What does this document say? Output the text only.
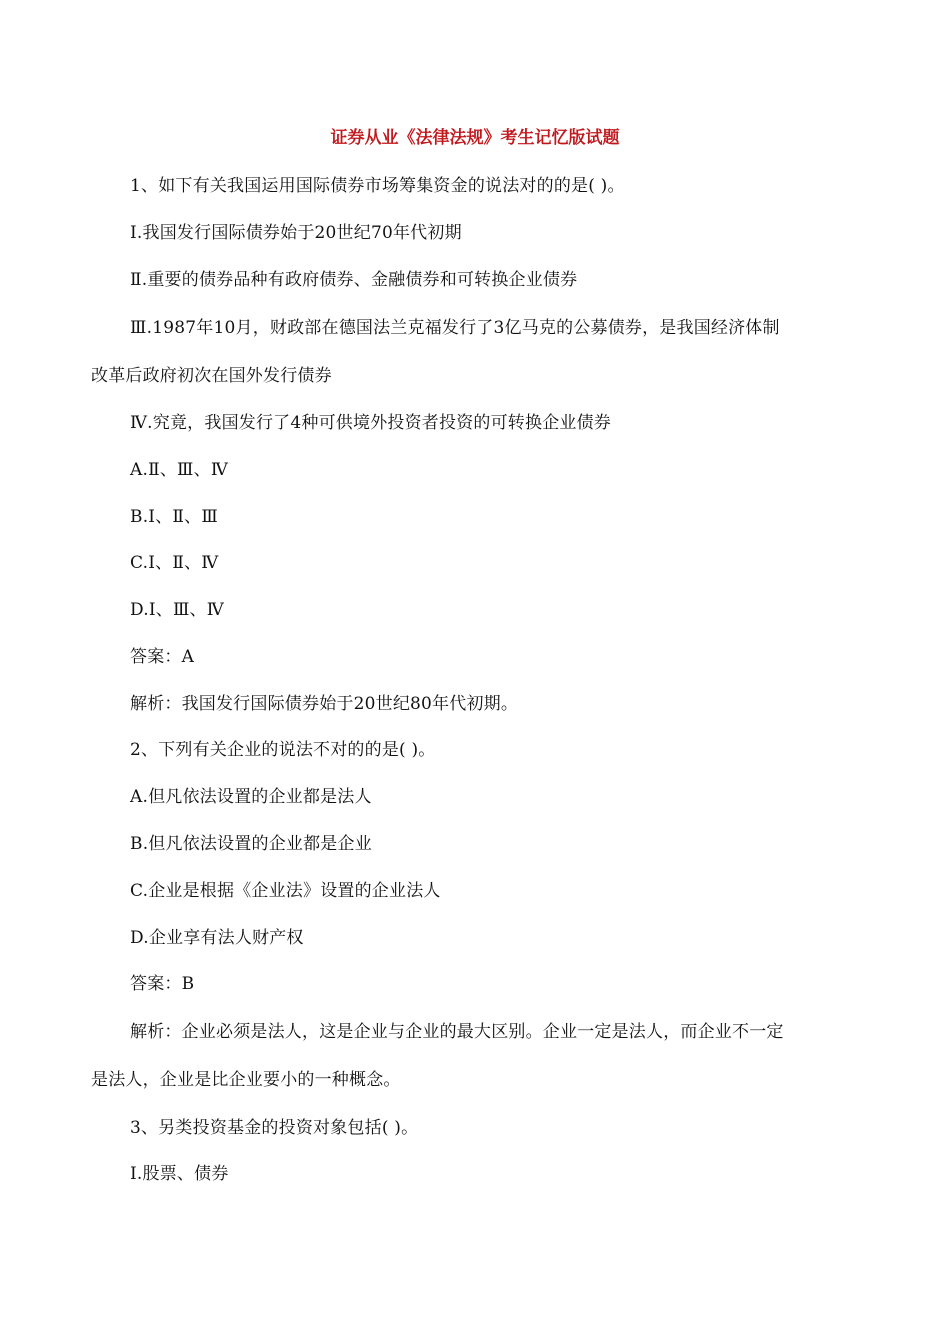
证券从业《法律法规》考生记忆版试题
1、如下有关我国运用国际债券市场筹集资金的说法对的的是( )。
Ⅰ.我国发行国际债券始于20世纪70年代初期
Ⅱ.重要的债券品种有政府债券、金融债券和可转换企业债券
Ⅲ.1987年10月，财政部在德国法兰克福发行了3亿马克的公募债券，是我国经济体制
改革后政府初次在国外发行债券
Ⅳ.究竟，我国发行了4种可供境外投资者投资的可转换企业债券
A.Ⅱ、Ⅲ、Ⅳ
B.Ⅰ、Ⅱ、Ⅲ
C.Ⅰ、Ⅱ、Ⅳ
D.Ⅰ、Ⅲ、Ⅳ
答案：A
解析：我国发行国际债券始于20世纪80年代初期。
2、下列有关企业的说法不对的的是( )。
A.但凡依法设置的企业都是法人
B.但凡依法设置的企业都是企业
C.企业是根据《企业法》设置的企业法人
D.企业享有法人财产权
答案：B
解析：企业必须是法人，这是企业与企业的最大区别。企业一定是法人，而企业不一定
是法人，企业是比企业要小的一种概念。
3、另类投资基金的投资对象包括( )。
Ⅰ.股票、债券
